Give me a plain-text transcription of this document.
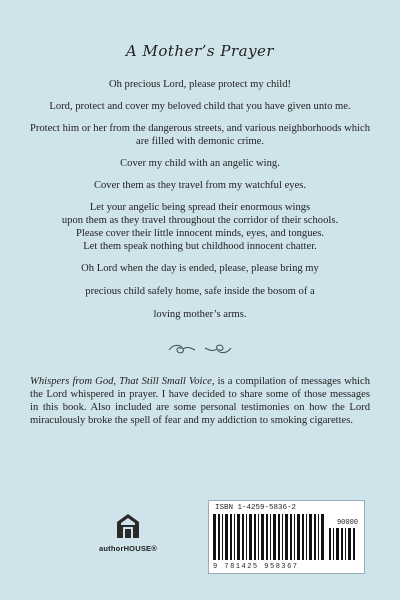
A Mother’s Prayer

Oh precious Lord, please protect my child!

Lord, protect and cover my beloved child that you have given unto me.

Protect him or her from the dangerous streets, and various neighborhoods which are filled with demonic crime.

Cover my child with an angelic wing.

Cover them as they travel from my watchful eyes.

Let your angelic being spread their enormous wings

upon them as they travel throughout the corridor of their schools.

Please cover their little innocent minds, eyes, and tongues.

Let them speak nothing but childhood innocent chatter.

Oh Lord when the day is ended, please, please bring my

precious child safely home, safe inside the bosom of a

loving mother’s arms.

Whispers from God, That Still Small Voice, is a compilation of messages which the Lord whispered in prayer. I have decided to share some of those messages in this book. Also included are some personal testimonies on how the Lord miraculously broke the spell of fear and my addiction to smoking cigarettes.
authorHOUSE®
ISBN 1-4259-5836-2
90000
9 781425 958367
